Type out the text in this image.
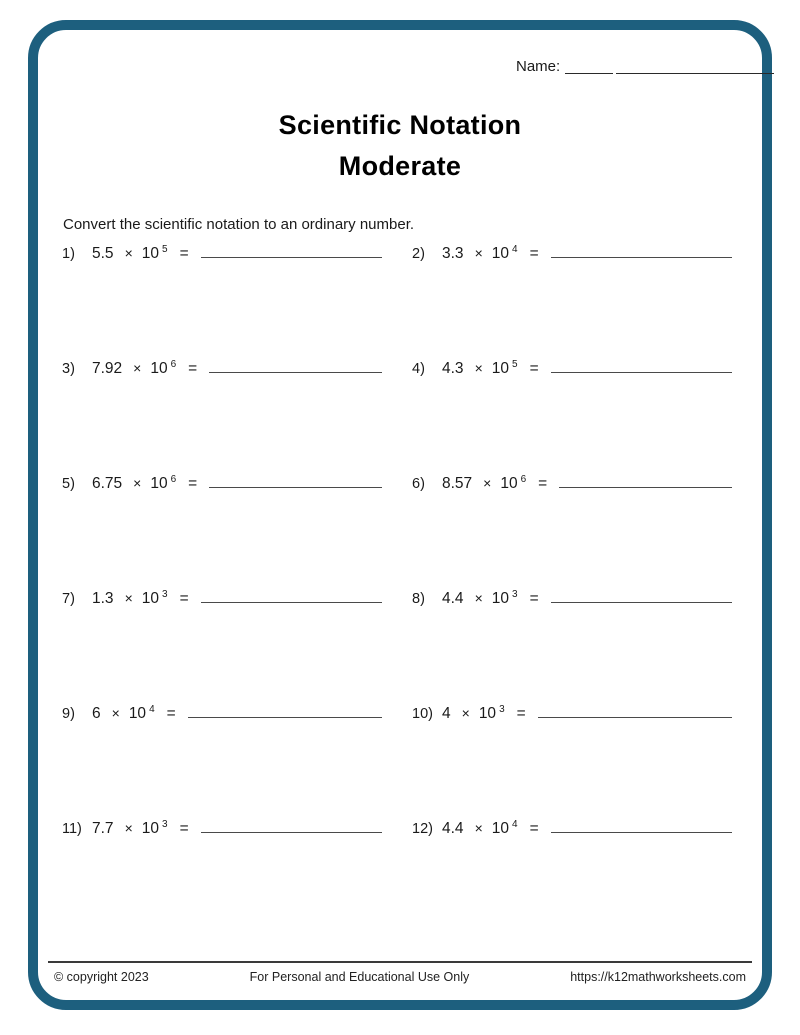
Name:
Scientific Notation
Moderate
Convert the scientific notation to an ordinary number.
1)	5.5 × 10 5 =	2)	3.3 × 10 4 =
3)	7.92 × 10 6 =	4)	4.3 × 10 5 =
5)	6.75 × 10 6 =	6)	8.57 × 10 6 =
7)	1.3 × 10 3 =	8)	4.4 × 10 3 =
9)	6 × 10 4 =	10) 4 × 10 3 =
11) 7.7 × 10 3 =	12) 4.4 × 10 4 =
© copyright 2023	For Personal and Educational Use Only	https://k12mathworksheets.com
